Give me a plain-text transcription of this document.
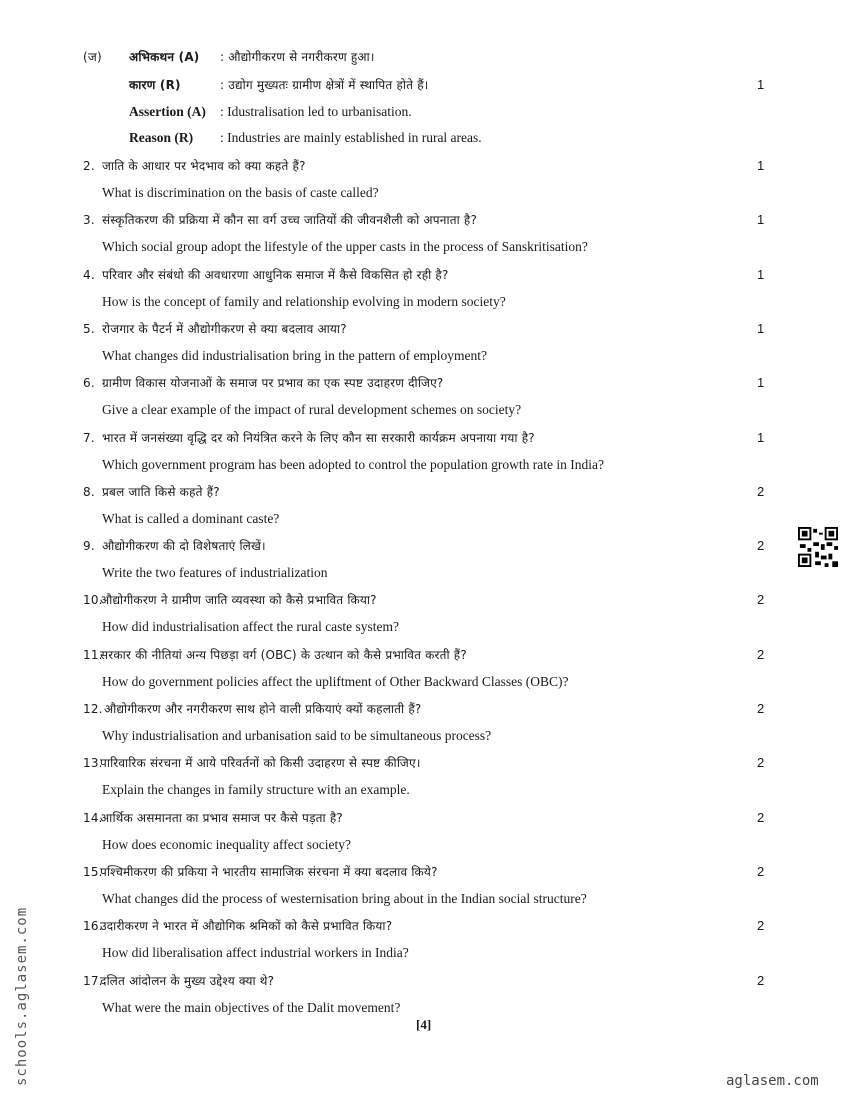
(ज) अभिकथन (A) : औद्योगीकरण से नगरीकरण हुआ।
कारण (R)	: उद्योग मुख्यतः ग्रामीण क्षेत्रों में स्थापित होते हैं।	1
Assertion (A) : Idustralisation led to urbanisation.
Reason (R) : Industries are mainly established in rural areas.
2. जाति के आधार पर भेदभाव को क्या कहते हैं?	1
What is discrimination on the basis of caste called?
3. संस्कृतिकरण की प्रक्रिया में कौन सा वर्ग उच्च जातियों की जीवनशैली को अपनाता है?	1
Which social group adopt the lifestyle of the upper casts in the process of Sanskritisation?
4. परिवार और संबंधो की अवधारणा आधुनिक समाज में कैसे विकसित हो रही है?	1
How is the concept of family and relationship evolving in modern society?
5. रोजगार के पैटर्न में औद्योगीकरण से क्या बदलाव आया?	1
What changes did industrialisation bring in the pattern of employment?
6. ग्रामीण विकास योजनाओं के समाज पर प्रभाव का एक स्पष्ट उदाहरण दीजिए?	1
Give a clear example of the impact of rural development schemes on society?
7. भारत में जनसंख्या वृद्धि दर को नियंत्रित करने के लिए कौन सा सरकारी कार्यक्रम अपनाया गया है?	1
Which government program has been adopted to control the population growth rate in India?
8. प्रबल जाति किसे कहते हैं?	2
What is called a dominant caste?
9. औद्योगीकरण की दो विशेषताएं लिखें।	2
Write the two features of industrialization
10.औद्योगीकरण ने ग्रामीण जाति व्यवस्था को कैसे प्रभावित किया?	2
How did industrialisation affect the rural caste system?
11.सरकार की नीतियां अन्य पिछड़ा वर्ग (OBC) के उत्थान को कैसे प्रभावित करती हैं?	2
How do government policies affect the upliftment of Other Backward Classes (OBC)?
12. औद्योगीकरण और नगरीकरण साथ होने वाली प्रकियाएं क्यों कहलाती हैं?	2
Why industrialisation and urbanisation said to be simultaneous process?
13.पारिवारिक संरचना में आये परिवर्तनों को किसी उदाहरण से स्पष्ट कीजिए।	2
Explain the changes in family structure with an example.
14.आर्थिक असमानता का प्रभाव समाज पर कैसे पड़ता है?	2
How does economic inequality affect society?
15.पश्चिमीकरण की प्रकिया ने भारतीय सामाजिक संरचना में क्या बदलाव किये?	2
What changes did the process of westernisation bring about in the Indian social structure?
16.उदारीकरण ने भारत में औद्योगिक श्रमिकों को कैसे प्रभावित किया?	2
How did liberalisation affect industrial workers in India?
17.दलित आंदोलन के मुख्य उद्देश्य क्या थे?	2
What were the main objectives of the Dalit movement?
[4]
schools.aglasem.com	aglasem.com
